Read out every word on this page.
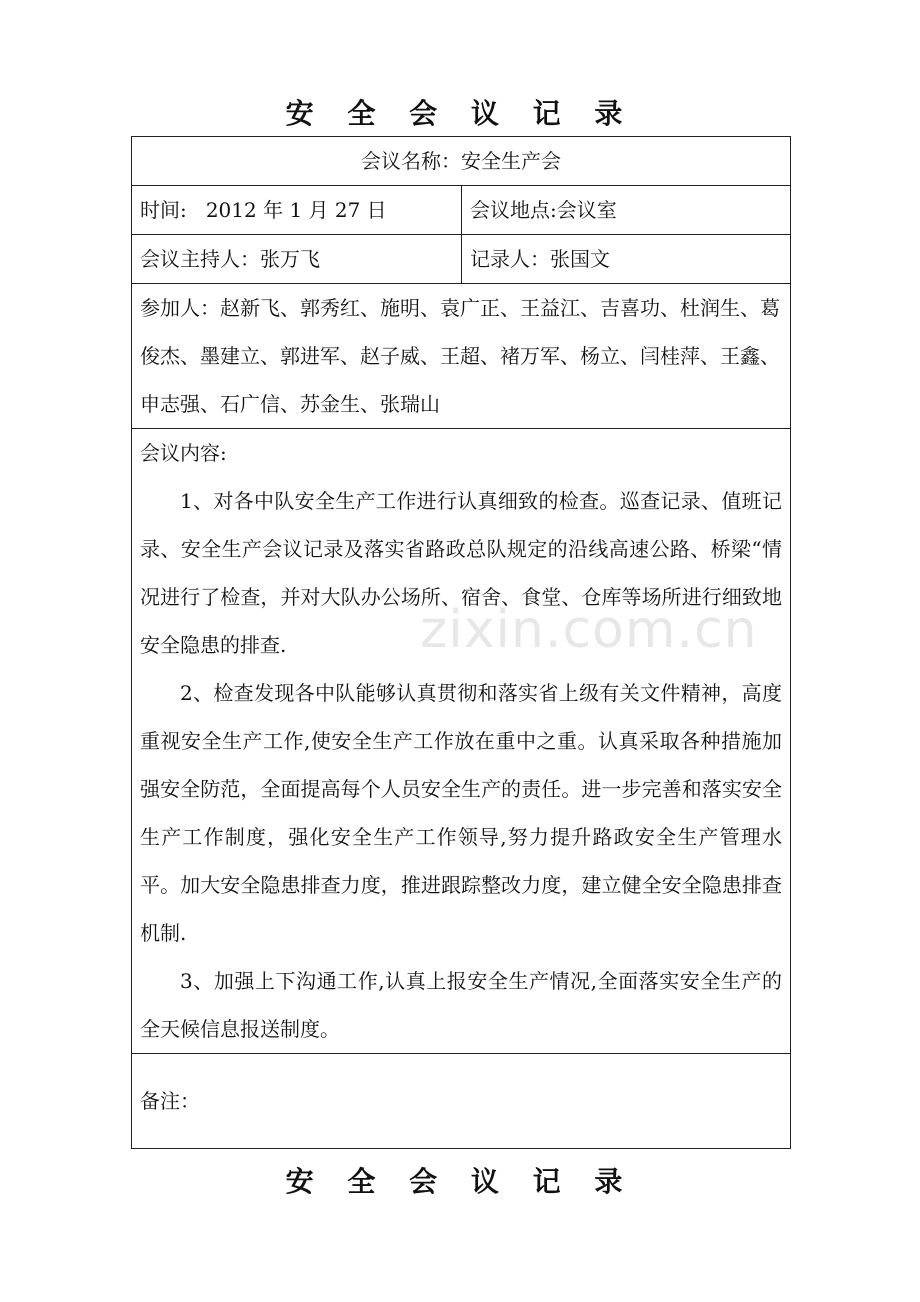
安 全 会 议 记 录
会议名称：安全生产会	
时间: 2012 年 1 月 27 日	会议地点:会议室
会议主持人：张万飞	记录人：张国文
参加人：赵新飞、郭秀红、施明、袁广正、王益江、吉喜功、杜润生、葛俊杰、墨建立、郭进军、赵子威、王超、褚万军、杨立、闫桂萍、王鑫、申志强、石广信、苏金生、张瑞山	

会议内容:

1、对各中队安全生产工作进行认真细致的检查。巡查记录、值班记录、安全生产会议记录及落实省路政总队规定的沿线高速公路、桥梁“情况进行了检查，并对大队办公场所、宿舍、食堂、仓库等场所进行细致地安全隐患的排查.

2、检查发现各中队能够认真贯彻和落实省上级有关文件精神，高度重视安全生产工作,使安全生产工作放在重中之重。认真采取各种措施加强安全防范，全面提高每个人员安全生产的责任。进一步完善和落实安全生产工作制度，强化安全生产工作领导,努力提升路政安全生产管理水平。加大安全隐患排查力度，推进跟踪整改力度，建立健全安全隐患排查机制.

3、加强上下沟通工作,认真上报安全生产情况,全面落实安全生产的全天候信息报送制度。	

备注：	
zixin.com.cn
安 全 会 议 记 录
